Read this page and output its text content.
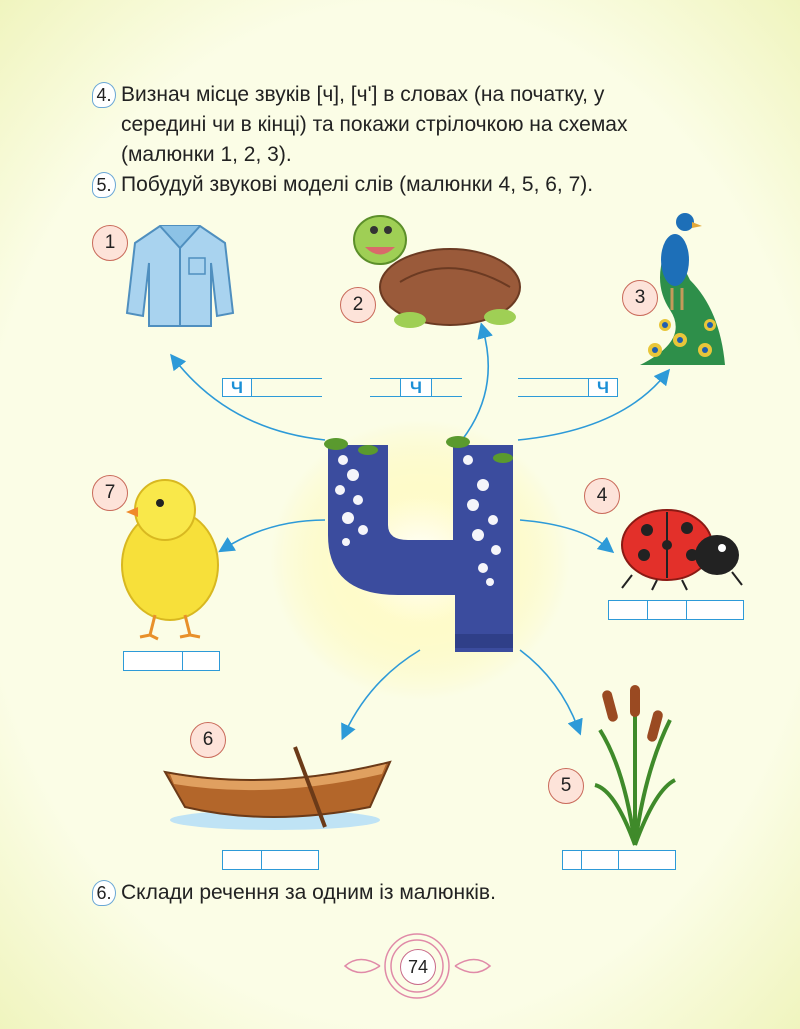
4. Визнач місце звуків [ч], [чʹ] в словах (на початку, у
середині чи в кінці) та покажи стрілочкою на схемах
(малюнки 1, 2, 3).
5. Побудуй звукові моделі слів (малюнки 4, 5, 6, 7).
Ч
1
2	3
Ч	Ч	Ч
7	4
6
5
6. Склади речення за одним із малюнків.
74
